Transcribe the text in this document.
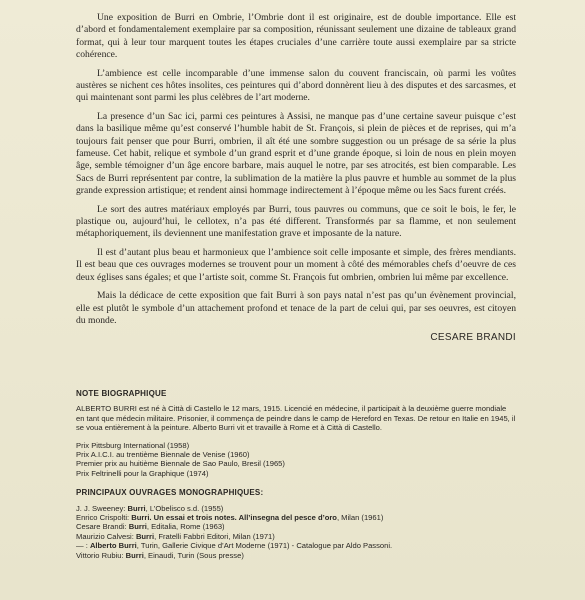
Une exposition de Burri en Ombrie, l’Ombrie dont il est originaire, est de double importance. Elle est d’abord et fondamentalement exemplaire par sa composition, réunissant seulement une dizaine de tableaux grand format, qui à leur tour marquent toutes les étapes cruciales d’une carrière toute aussi exemplaire par sa stricte cohérence.

L’ambience est celle incomparable d’une immense salon du couvent franciscain, où parmi les voûtes austères se nichent ces hôtes insolites, ces peintures qui d’abord donnèrent lieu à des disputes et des sarcasmes, et qui maintenant sont parmi les plus celèbres de l’art moderne.

La presence d’un Sac ici, parmi ces peintures à Assisi, ne manque pas d’une certaine saveur puisque c’est dans la basilique même qu’est conservé l’humble habit de St. François, si plein de pièces et de reprises, qui m’a toujours fait penser que pour Burri, ombrien, il aît été une sombre suggestion ou un présage de sa série la plus fameuse. Cet habit, relique et symbole d’un grand esprit et d’une grande époque, si loin de nous en plein moyen âge, semble témoigner d’un âge encore barbare, mais auquel le notre, par ses atrocités, est bien comparable. Les Sacs de Burri représentent par contre, la sublimation de la matière la plus pauvre et humble au sommet de la plus grande expression artistique; et rendent ainsi hommage indirectement à l’époque même ou les Sacs furent créés.

Le sort des autres matériaux employés par Burri, tous pauvres ou communs, que ce soit le bois, le fer, le plastique ou, aujourd’hui, le cellotex, n’a pas été different. Transformés par sa flamme, et non seulement métaphoriquement, ils deviennent une manifestation grave et imposante de la nature.

Il est d’autant plus beau et harmonieux que l’ambience soit celle imposante et simple, des frères mendiants. Il est beau que ces ouvrages modernes se trouvent pour un moment à côté des mémorables chefs d’oeuvre de ces deux églises sans égales; et que l’artiste soit, comme St. François fut ombrien, ombrien lui même par excellence.

Mais la dédicace de cette exposition que fait Burri à son pays natal n’est pas qu’un évènement provincial, elle est plutôt le symbole d’un attachement profond et tenace de la part de celui qui, par ses oeuvres, est citoyen du monde.

CESARE BRANDI
NOTE BIOGRAPHIQUE
ALBERTO BURRI est né à Città di Castello le 12 mars, 1915. Licencié en médecine, il participait à la deuxième guerre mondiale en tant que médecin militaire. Prisonier, il commença de peindre dans le camp de Hereford en Texas. De retour en Italie en 1945, il se voua entièrement à la peinture. Alberto Burri vit et travaille à Rome et à Città di Castello.
Prix Pittsburg International (1958)
Prix A.I.C.I. au trentième Biennale de Venise (1960)
Premier prix au huitième Biennale de Sao Paulo, Bresil (1965)
Prix Feltrinelli pour la Graphique (1974)
PRINCIPAUX OUVRAGES MONOGRAPHIQUES:
J. J. Sweeney: Burri, L’Obelisco s.d. (1955)
Enrico Crispolti: Burri. Un essai et trois notes. All’insegna del pesce d’oro, Milan (1961)
Cesare Brandi: Burri, Editalia, Rome (1963)
Maurizio Calvesi: Burri, Fratelli Fabbri Editori, Milan (1971)
— : Alberto Burri, Turin, Gallerie Civique d’Art Moderne (1971) - Catalogue par Aldo Passoni.
Vittorio Rubiu: Burri, Einaudi, Turin (Sous presse)
